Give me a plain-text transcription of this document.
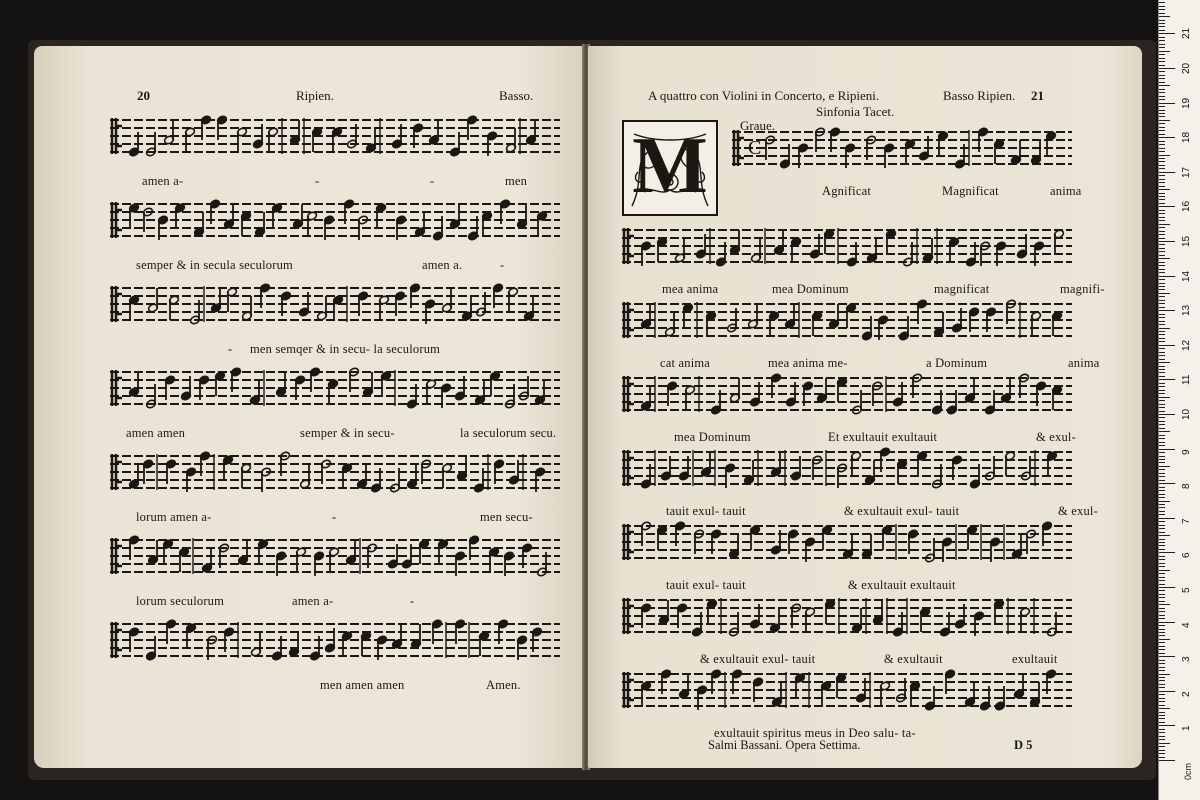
20	Ripien.	Basso.
amen a-	-	-	men
semper & in secula seculorum	amen a.	-
- men semqer & in secu- la seculorum
amen amen	semper & in secu-	la seculorum secu.
lorum amen a-	-	men secu-
lorum seculorum	amen a-	-
men amen amen	Amen.
A quattro con Violini in Concerto, e Ripieni.	Basso Ripien. 21
Sinfonia Tacet.
Graue.
M
Salmi Bassani. Opera Settima.	D 5
C
Agnificat	Magnificat	anima
mea anima	mea Dominum	magnificat	magnifi-
cat anima	mea anima me-	a Dominum	anima
mea Dominum	Et exultauit exultauit	& exul-
tauit exul- tauit	& exultauit exul- tauit	& exul-
tauit exul- tauit	& exultauit exultauit
& exultauit exul- tauit	& exultauit	exultauit
exultauit spiritus meus in Deo salu- ta-
0cm
1
2
3
4
5
6
7
8
9
10
11
12
13
14
15
16
17
18
19
20
21
